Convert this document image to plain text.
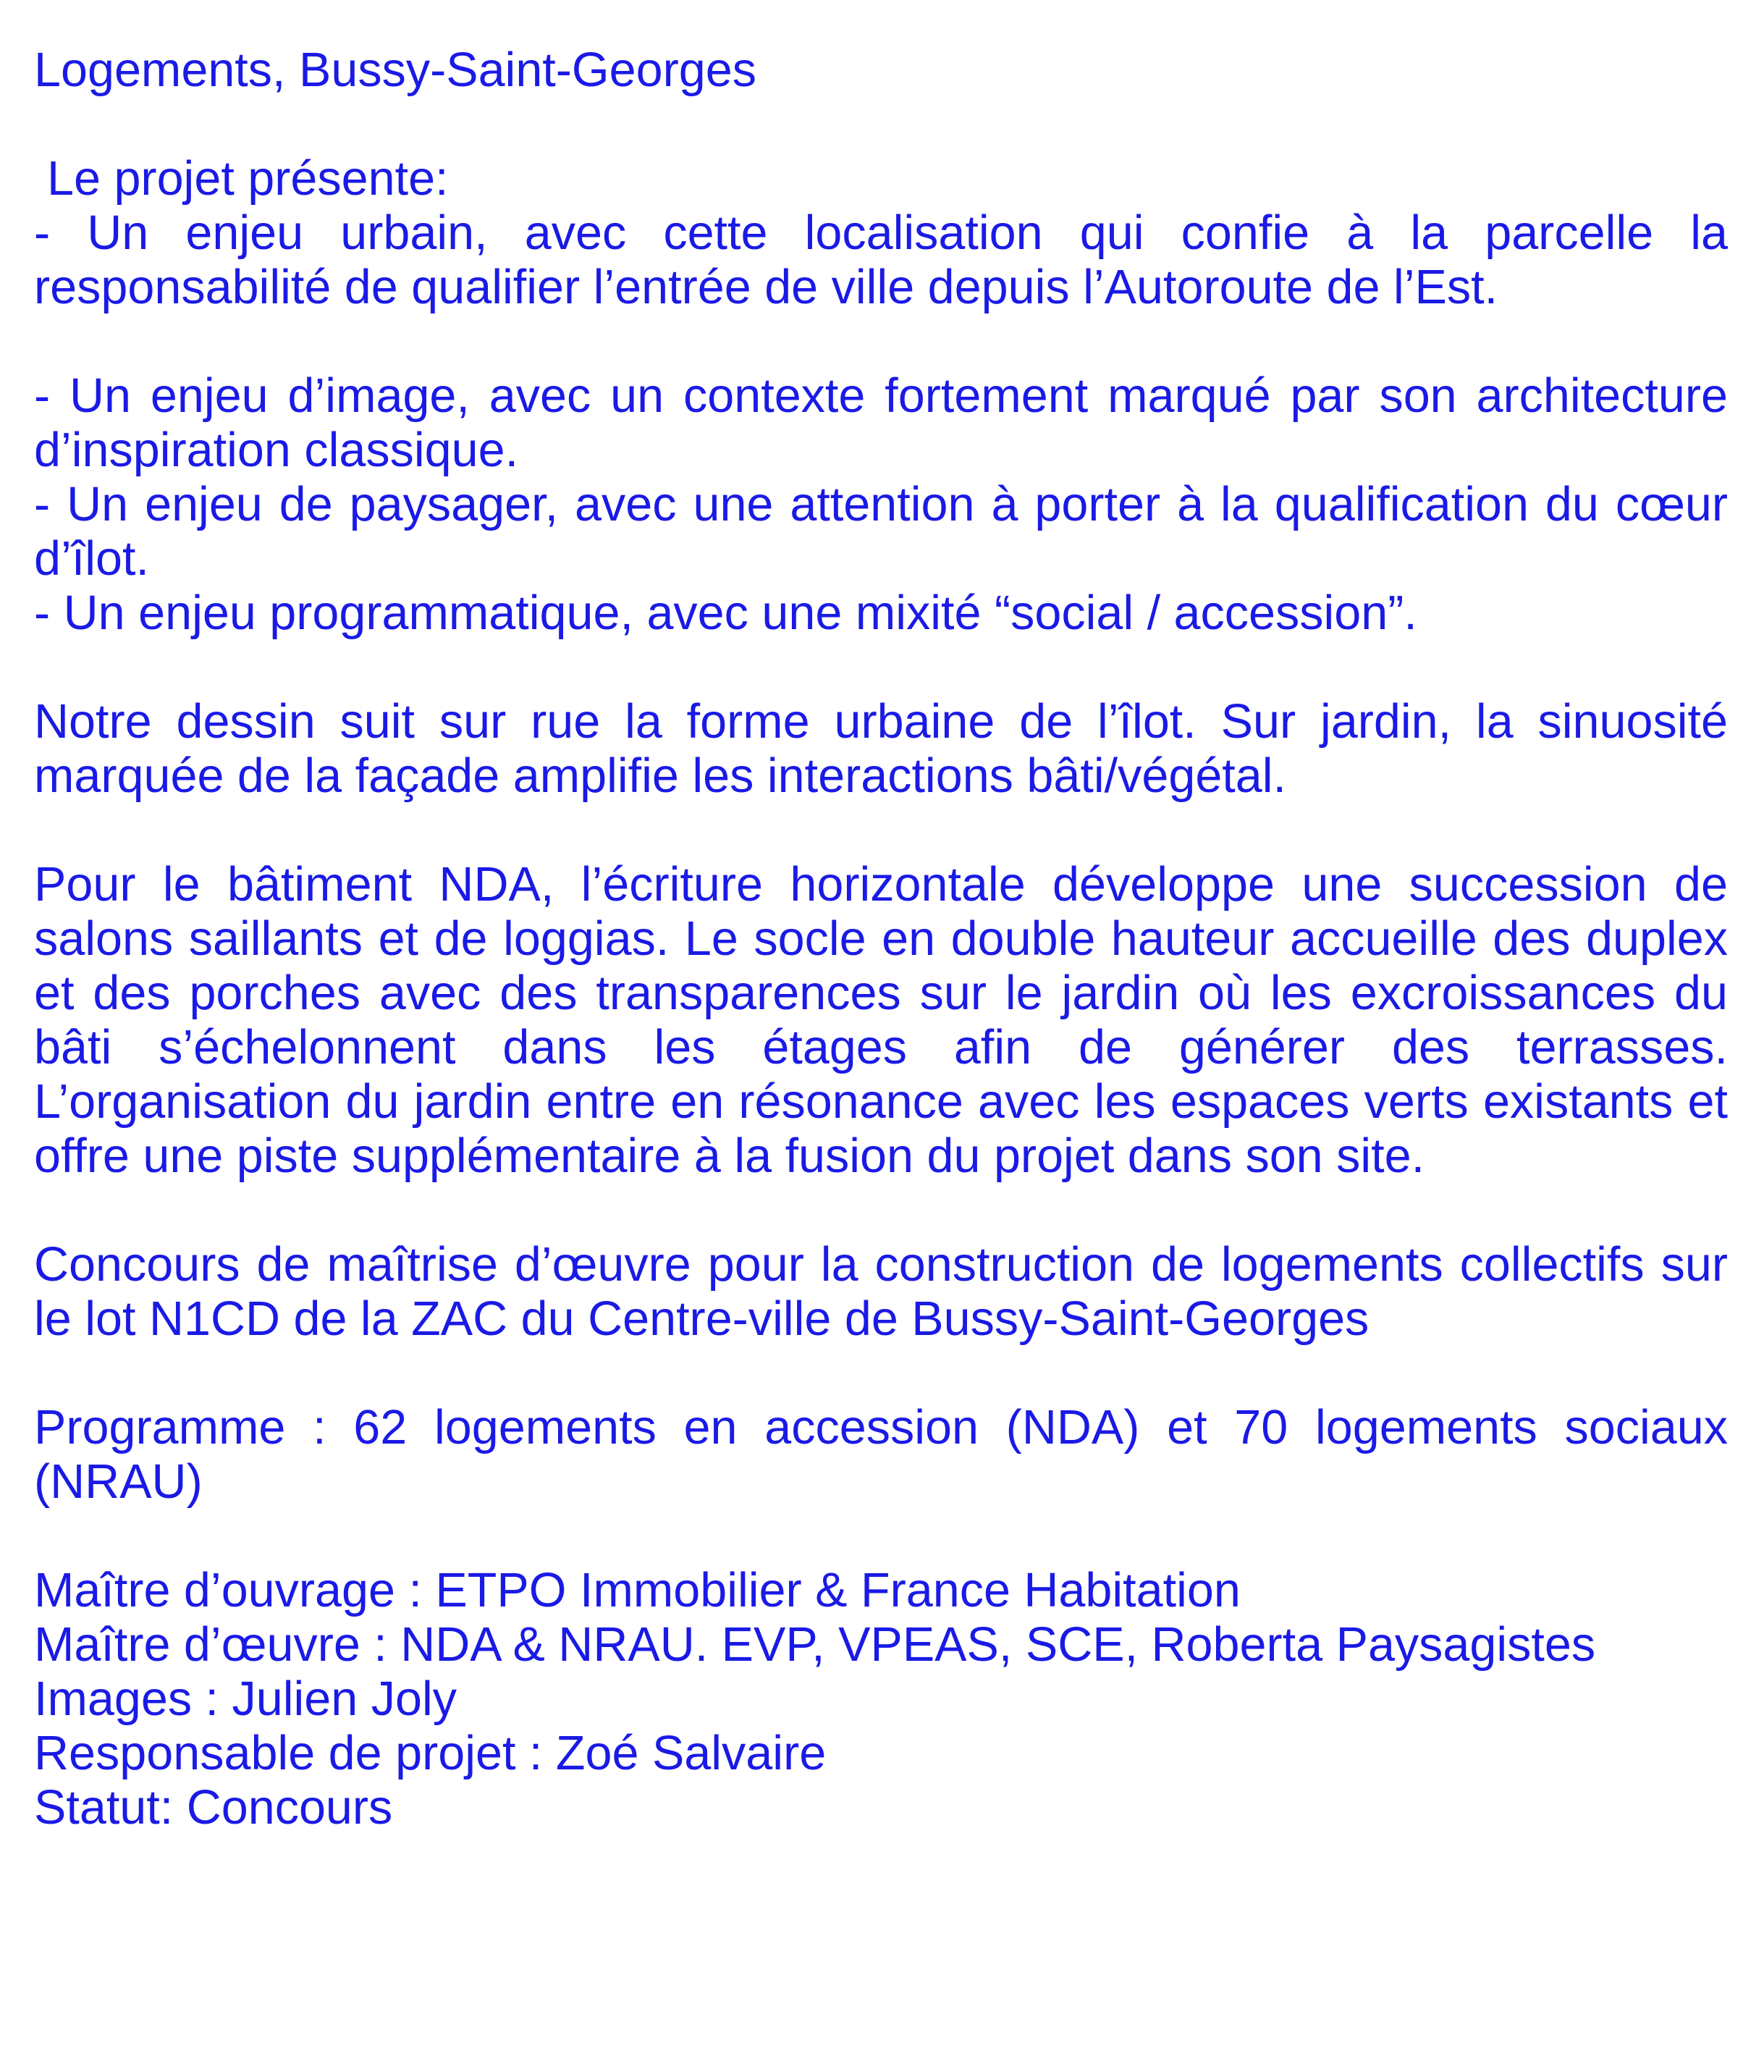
Logements, Bussy-Saint-Georges
Le projet présente:
- Un enjeu urbain, avec cette localisation qui confie à la parcelle la responsabilité de qualifier l’entrée de ville depuis l’Autoroute de l’Est.
- Un enjeu d’image, avec un contexte fortement marqué par son architecture d’inspiration classique.
- Un enjeu de paysager, avec une attention à porter à la qualification du cœur d’îlot.
- Un enjeu programmatique, avec une mixité “social / accession”.
Notre dessin suit sur rue la forme urbaine de l’îlot. Sur jardin, la sinuosité marquée de la façade amplifie les interactions bâti/végétal.
Pour le bâtiment NDA, l’écriture horizontale développe une succession de salons saillants et de loggias. Le socle en double hauteur accueille des duplex et des porches avec des transparences sur le jardin où les excroissances du bâti s’échelonnent dans les étages afin de générer des terrasses. L’organisation du jardin entre en résonance avec les espaces verts existants et offre une piste supplémentaire à la fusion du projet dans son site.
Concours de maîtrise d’œuvre pour la construction de logements collectifs sur le lot N1CD de la ZAC du Centre-ville de Bussy-Saint-Georges
Programme : 62 logements en accession (NDA) et 70 logements sociaux (NRAU)
Maître d’ouvrage : ETPO Immobilier & France Habitation
Maître d’œuvre : NDA & NRAU. EVP, VPEAS, SCE, Roberta Paysagistes
Images : Julien Joly
Responsable de projet : Zoé Salvaire
Statut: Concours
